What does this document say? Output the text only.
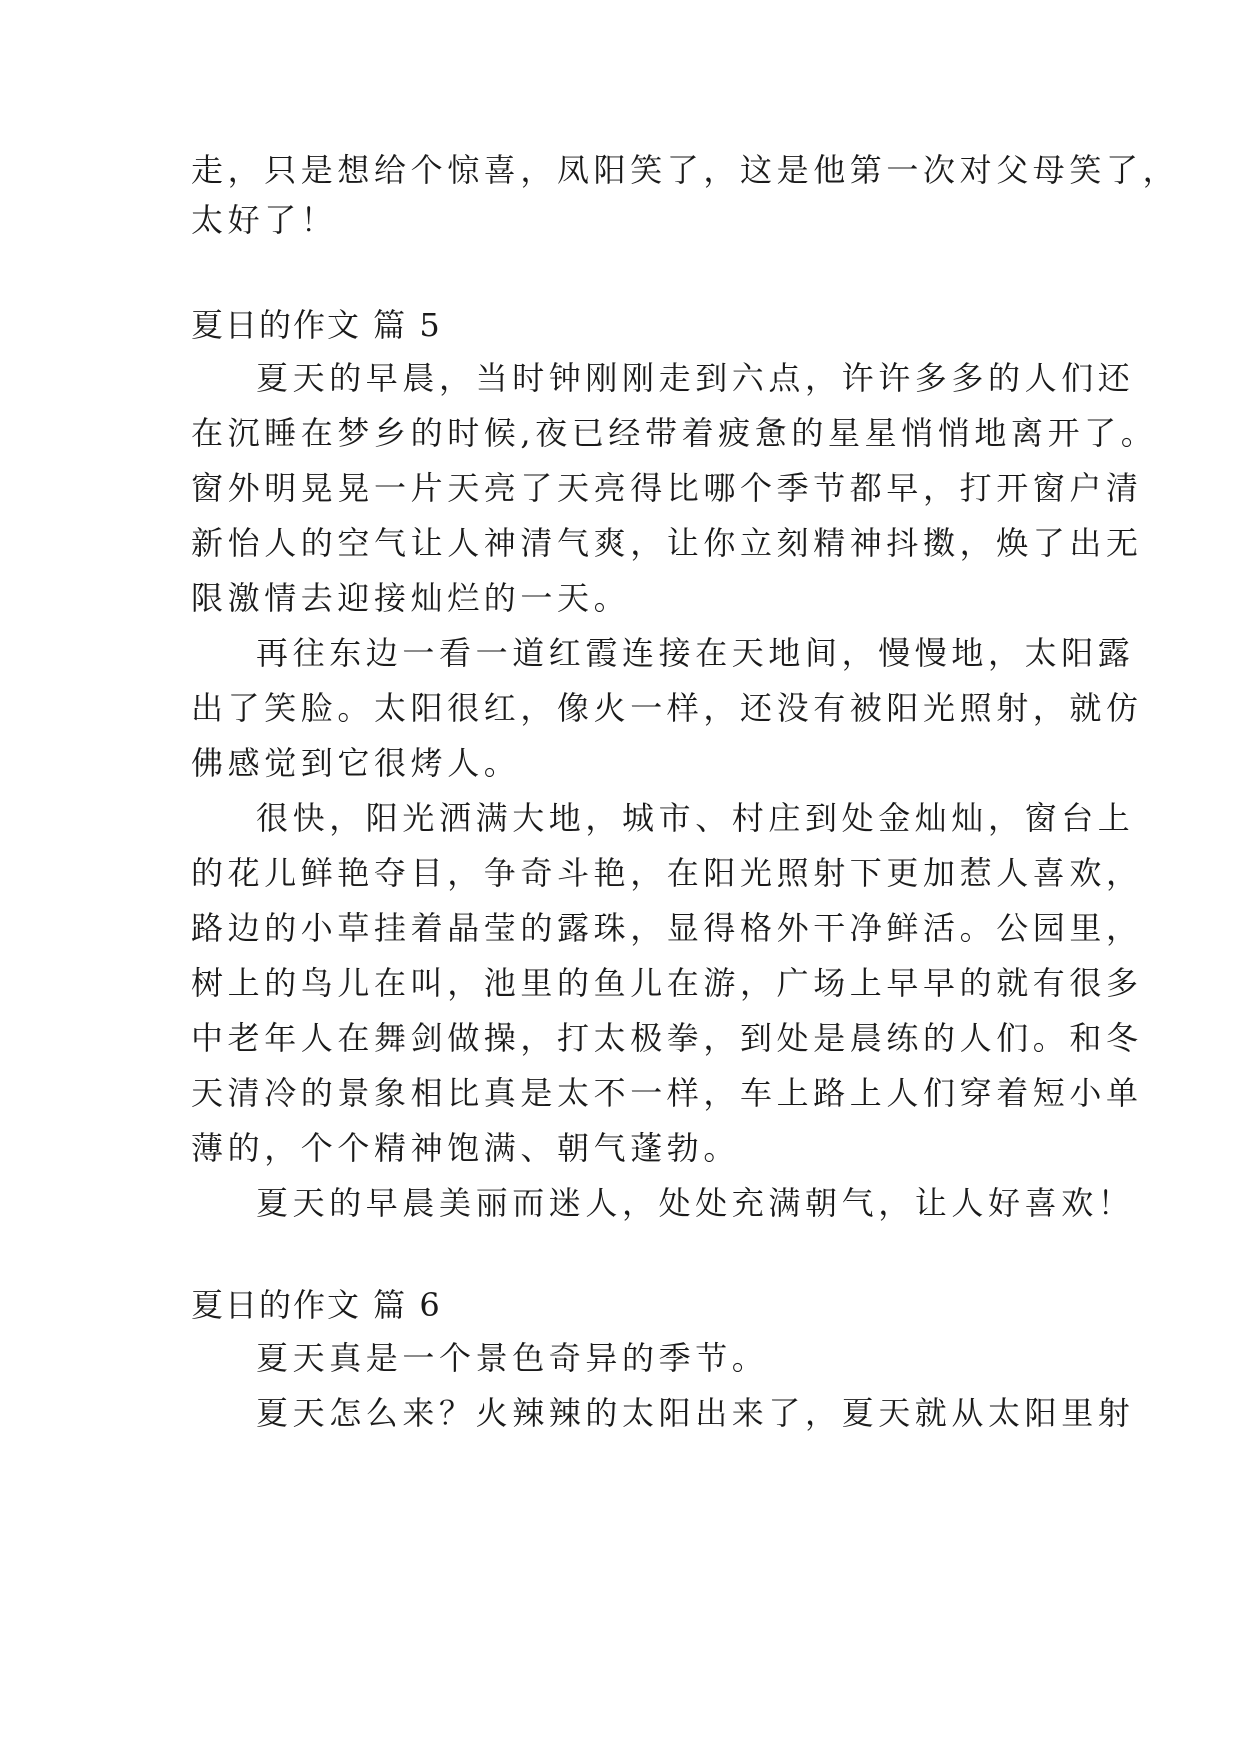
走，只是想给个惊喜，凤阳笑了，这是他第一次对父母笑了，
太好了！
夏日的作文 篇 5
夏天的早晨，当时钟刚刚走到六点，许许多多的人们还
在沉睡在梦乡的时候,夜已经带着疲惫的星星悄悄地离开了。
窗外明晃晃一片天亮了天亮得比哪个季节都早，打开窗户清
新怡人的空气让人神清气爽，让你立刻精神抖擞，焕了出无
限激情去迎接灿烂的一天。
再往东边一看一道红霞连接在天地间，慢慢地，太阳露
出了笑脸。太阳很红，像火一样，还没有被阳光照射，就仿
佛感觉到它很烤人。
很快，阳光洒满大地，城市、村庄到处金灿灿，窗台上
的花儿鲜艳夺目，争奇斗艳，在阳光照射下更加惹人喜欢，
路边的小草挂着晶莹的露珠，显得格外干净鲜活。公园里，
树上的鸟儿在叫，池里的鱼儿在游，广场上早早的就有很多
中老年人在舞剑做操，打太极拳，到处是晨练的人们。和冬
天清冷的景象相比真是太不一样，车上路上人们穿着短小单
薄的，个个精神饱满、朝气蓬勃。
夏天的早晨美丽而迷人，处处充满朝气，让人好喜欢！
夏日的作文 篇 6
夏天真是一个景色奇异的季节。
夏天怎么来？火辣辣的太阳出来了，夏天就从太阳里射
